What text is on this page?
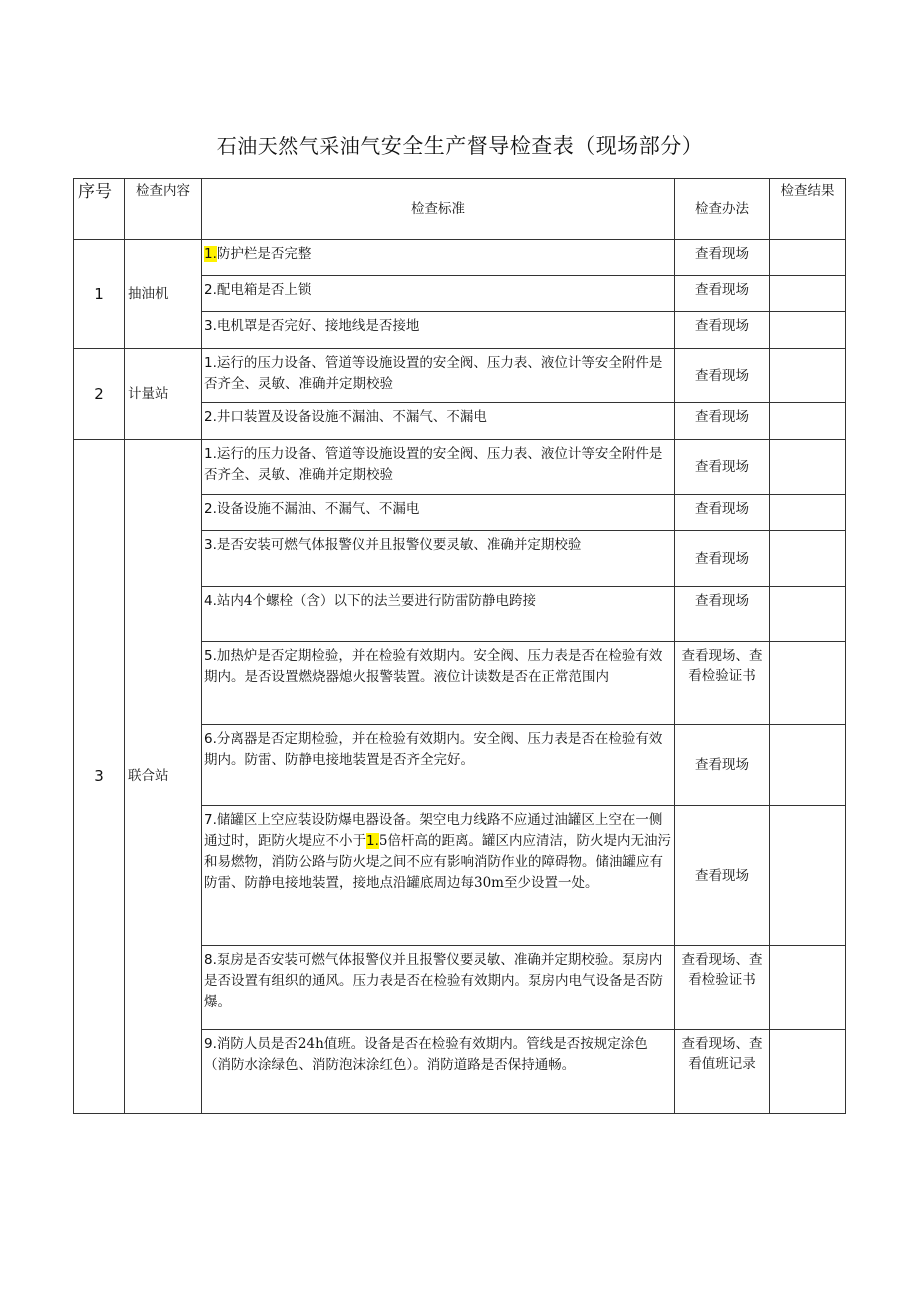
石油天然气采油气安全生产督导检查表（现场部分）
序号	检查内容	检查标准	检查办法	检查结果
1	抽油机	1.防护栏是否完整	查看现场	
		2.配电箱是否上锁	查看现场	
		3.电机罩是否完好、接地线是否接地	查看现场	
2	计量站	1.运行的压力设备、管道等设施设置的安全阀、压力表、液位计等安全附件是否齐全、灵敏、准确并定期校验	查看现场	
		2.井口装置及设备设施不漏油、不漏气、不漏电	查看现场	
3	联合站	1.运行的压力设备、管道等设施设置的安全阀、压力表、液位计等安全附件是否齐全、灵敏、准确并定期校验	查看现场	
		2.设备设施不漏油、不漏气、不漏电	查看现场	
		3.是否安装可燃气体报警仪并且报警仪要灵敏、准确并定期校验	查看现场	
		4.站内4个螺栓（含）以下的法兰要进行防雷防静电跨接	查看现场	
		5.加热炉是否定期检验，并在检验有效期内。安全阀、压力表是否在检验有效期内。是否设置燃烧器熄火报警装置。液位计读数是否在正常范围内	查看现场、查看检验证书	
		6.分离器是否定期检验，并在检验有效期内。安全阀、压力表是否在检验有效期内。防雷、防静电接地装置是否齐全完好。	查看现场	
		7.储罐区上空应装设防爆电器设备。架空电力线路不应通过油罐区上空在一侧通过时，距防火堤应不小于1.5倍杆高的距离。罐区内应清洁，防火堤内无油污和易燃物，消防公路与防火堤之间不应有影响消防作业的障碍物。储油罐应有防雷、防静电接地装置，接地点沿罐底周边每30m至少设置一处。	查看现场	
		8.泵房是否安装可燃气体报警仪并且报警仪要灵敏、准确并定期校验。泵房内是否设置有组织的通风。压力表是否在检验有效期内。泵房内电气设备是否防爆。	查看现场、查看检验证书	
		9.消防人员是否24h值班。设备是否在检验有效期内。管线是否按规定涂色（消防水涂绿色、消防泡沫涂红色）。消防道路是否保持通畅。	查看现场、查看值班记录	
